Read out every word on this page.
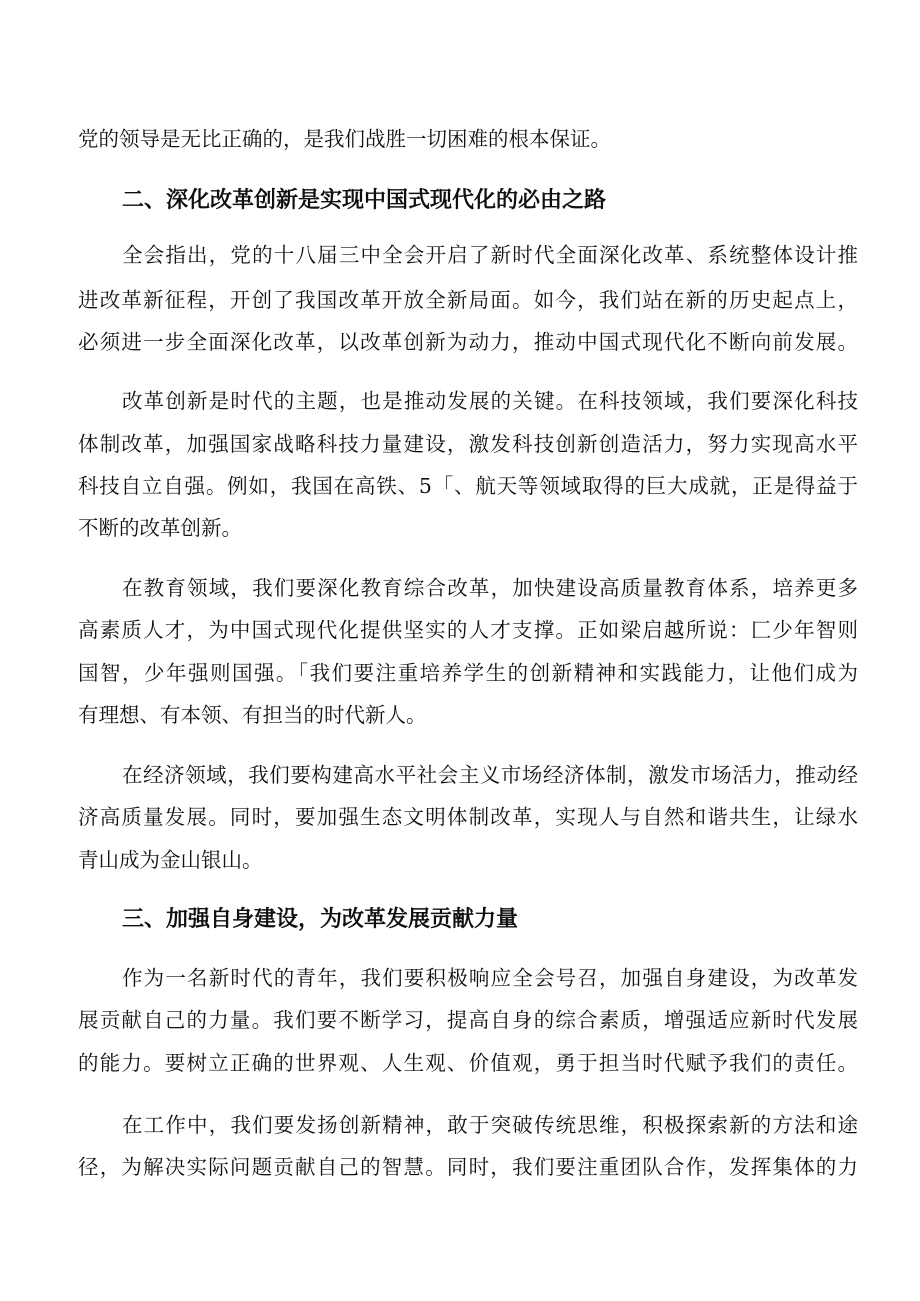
党的领导是无比正确的，是我们战胜一切困难的根本保证。

二、深化改革创新是实现中国式现代化的必由之路

全会指出，党的十八届三中全会开启了新时代全面深化改革、系统整体设计推

进改革新征程，开创了我国改革开放全新局面。如今，我们站在新的历史起点上，

必须进一步全面深化改革，以改革创新为动力，推动中国式现代化不断向前发展。

改革创新是时代的主题，也是推动发展的关键。在科技领域，我们要深化科技

体制改革，加强国家战略科技力量建设，激发科技创新创造活力，努力实现高水平

科技自立自强。例如，我国在高铁、5「、航天等领域取得的巨大成就，正是得益于

不断的改革创新。

在教育领域，我们要深化教育综合改革，加快建设高质量教育体系，培养更多

高素质人才，为中国式现代化提供坚实的人才支撑。正如梁启越所说：匚少年智则

国智，少年强则国强。「我们要注重培养学生的创新精神和实践能力，让他们成为

有理想、有本领、有担当的时代新人。

在经济领域，我们要构建高水平社会主义市场经济体制，激发市场活力，推动经

济高质量发展。同时，要加强生态文明体制改革，实现人与自然和谐共生，让绿水

青山成为金山银山。

三、加强自身建设，为改革发展贡献力量

作为一名新时代的青年，我们要积极响应全会号召，加强自身建设，为改革发

展贡献自己的力量。我们要不断学习，提高自身的综合素质，增强适应新时代发展

的能力。要树立正确的世界观、人生观、价值观，勇于担当时代赋予我们的责任。

在工作中，我们要发扬创新精神，敢于突破传统思维，积极探索新的方法和途

径，为解决实际问题贡献自己的智慧。同时，我们要注重团队合作，发挥集体的力
